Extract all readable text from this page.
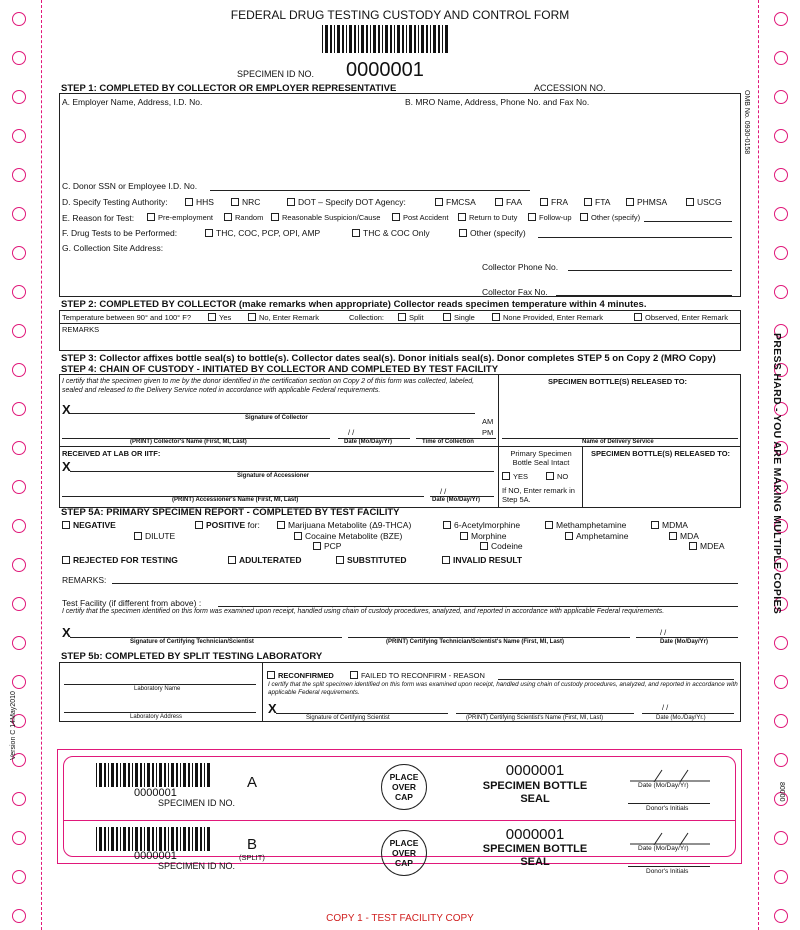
FEDERAL DRUG TESTING CUSTODY AND CONTROL FORM
SPECIMEN ID NO. 0000001
ACCESSION NO.
OMB No. 0930-0158
PRESS HARD - YOU ARE MAKING MULTIPLE COPIES
Version C 14May2010
80000
STEP 1: COMPLETED BY COLLECTOR OR EMPLOYER REPRESENTATIVE
A. Employer Name, Address, I.D. No.	B. MRO Name, Address, Phone No. and Fax No.
C. Donor SSN or Employee I.D. No.
D. Specify Testing Authority:	HHS	NRC	DOT – Specify DOT Agency:	FMCSA	FAA	FRA	FTA	PHMSA	USCG
E. Reason for Test:	Pre-employment	Random	Reasonable Suspicion/Cause	Post Accident	Return to Duty	Follow-up	Other (specify)
F. Drug Tests to be Performed:	THC, COC, PCP, OPI, AMP	THC & COC Only	Other (specify)
G. Collection Site Address:
Collector Phone No.
Collector Fax No.
STEP 2: COMPLETED BY COLLECTOR (make remarks when appropriate) Collector reads specimen temperature within 4 minutes.
Temperature between 90° and 100° F?	Yes	No, Enter Remark	Collection:	Split	Single	None Provided, Enter Remark	Observed, Enter Remark
REMARKS
STEP 3: Collector affixes bottle seal(s) to bottle(s). Collector dates seal(s). Donor initials seal(s). Donor completes STEP 5 on Copy 2 (MRO Copy)
STEP 4: CHAIN OF CUSTODY - INITIATED BY COLLECTOR AND COMPLETED BY TEST FACILITY
I certify that the specimen given to me by the donor identified in the certification section on Copy 2 of this form was collected, labeled, sealed and released to the Delivery Service noted in accordance with applicable Federal requirements.
X
Signature of Collector	AM
PM
/ /
(PRINT) Collector's Name (First, MI, Last)	Date (Mo/Day/Yr)	Time of Collection
SPECIMEN BOTTLE(S) RELEASED TO:
Name of Delivery Service
RECEIVED AT LAB OR IITF:
X
Signature of Accessioner
/ /
(PRINT) Accessioner's Name (First, MI, Last)	Date (Mo/Day/Yr)
Primary Specimen Bottle Seal Intact
YES	NO
If NO, Enter remark in Step 5A.
SPECIMEN BOTTLE(S) RELEASED TO:
STEP 5A: PRIMARY SPECIMEN REPORT - COMPLETED BY TEST FACILITY
NEGATIVE
DILUTE
POSITIVE for:	Marijuana Metabolite (Δ9-THCA)
Cocaine Metabolite (BZE)
PCP
6-Acetylmorphine
Morphine
Codeine
Methamphetamine
Amphetamine
MDMA
MDA
MDEA
REJECTED FOR TESTING	ADULTERATED	SUBSTITUTED	INVALID RESULT
REMARKS:
Test Facility (if different from above) :
I certify that the specimen identified on this form was examined upon receipt, handled using chain of custody procedures, analyzed, and reported in accordance with applicable Federal requirements.
X	/ /
Signature of Certifying Technician/Scientist	(PRINT) Certifying Technician/Scientist's Name (First, MI, Last)	Date (Mo/Day/Yr)
STEP 5b: COMPLETED BY SPLIT TESTING LABORATORY
Laboratory Name
Laboratory Address
RECONFIRMED	FAILED TO RECONFIRM - REASON
I certify that the split specimen identified on this form was examined upon receipt, handled using chain of custody procedures, analyzed, and reported in accordance with applicable Federal requirements.
X	/ /
Signature of Certifying Scientist	(PRINT) Certifying Scientist's Name (First, MI, Last)	Date (Mo./Day/Yr.)
0000001
SPECIMEN ID NO.
A	PLACE
OVER
CAP
0000001
SPECIMEN BOTTLE
SEAL
Date (Mo/Day/Yr)
Donor's Initials
0000001
SPECIMEN ID NO.
B
(SPLIT)
PLACE
OVER
CAP
0000001
SPECIMEN BOTTLE
SEAL
Date (Mo/Day/Yr)
Donor's Initials
COPY 1 - TEST FACILITY COPY
